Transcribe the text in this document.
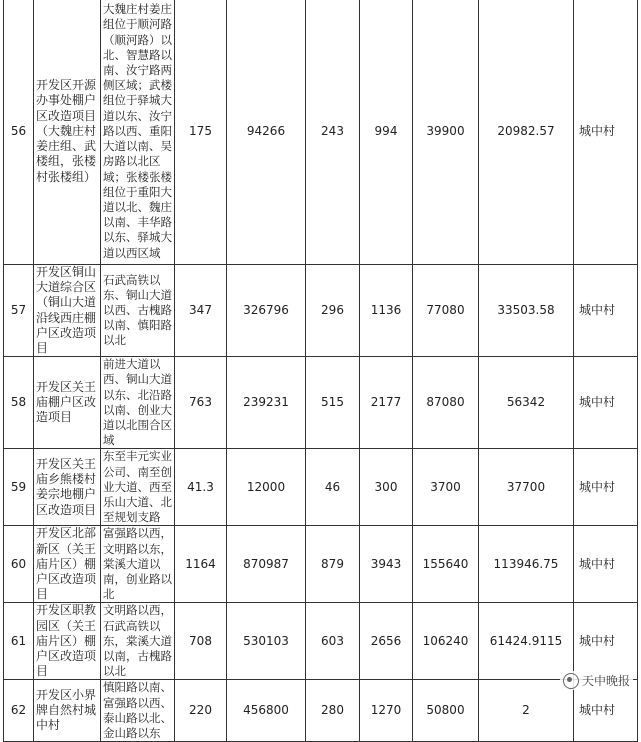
56	开发区开源办事处棚户区改造项目（大魏庄村姜庄组、武楼组，张楼村张楼组）	大魏庄村姜庄组位于顺河路（顺河路）以北、智慧路以南、汝宁路两侧区域；武楼组位于驿城大道以东、汝宁路以西、重阳大道以南、吴房路以北区域；张楼张楼组位于重阳大道以北、魏庄以南、丰华路以东、驿城大道以西区域	175	94266	243	994	39900	20982.57	城中村
57	开发区铜山大道综合区（铜山大道沿线西庄棚户区改造项目	石武高铁以东、铜山大道以西、古槐路以南、慎阳路以北	347	326796	296	1136	77080	33503.58	城中村
58	开发区关王庙棚户区改造项目	前进大道以西、铜山大道以东、北沿路以南、创业大道以北围合区域	763	239231	515	2177	87080	56342	城中村
59	开发区关王庙乡熊楼村姜宗地棚户区改造项目	东至丰元实业公司、南至创业大道、西至乐山大道、北至规划支路	41.3	12000	46	300	3700	37700	城中村
60	开发区北部新区（关王庙片区）棚户区改造项目	富强路以西，文明路以东，棠溪大道以南，创业路以北	1164	870987	879	3943	155640	113946.75	城中村
61	开发区职教园区（关王庙片区）棚户区改造项目	文明路以西，石武高铁以东，棠溪大道以南，古槐路以北	708	530103	603	2656	106240	61424.9115	城中村
62	开发区小界牌自然村城中村	慎阳路以南、富强路以西、泰山路以北、金山路以东	220	456800	280	1270	50800	2	城中村
天中晚报
